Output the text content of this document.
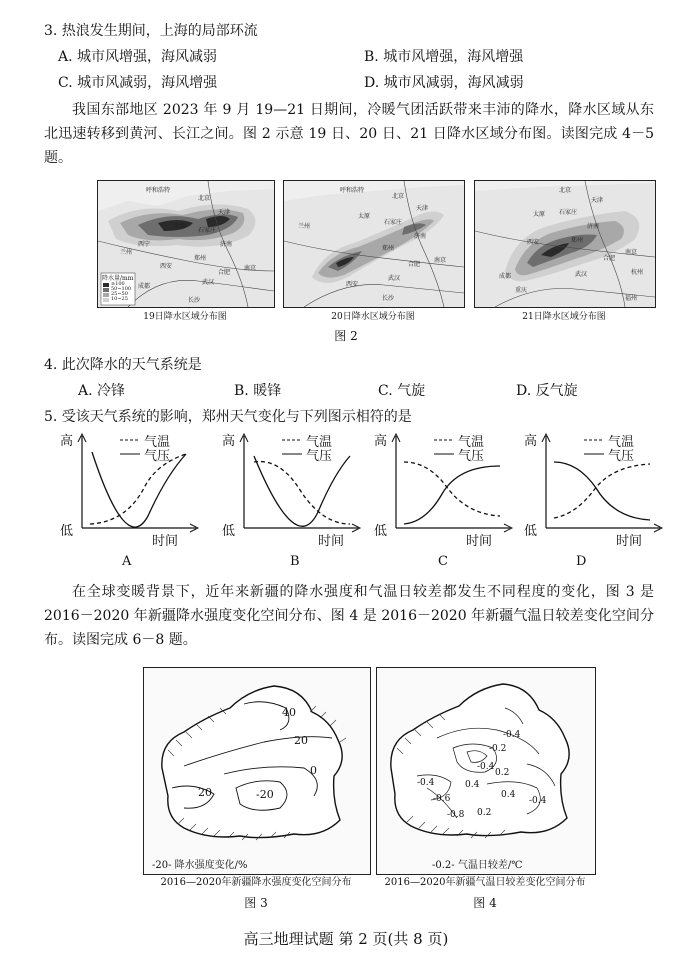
3. 热浪发生期间，上海的局部环流
A. 城市风增强，海风减弱	B. 城市风增强，海风增强
C. 城市风减弱，海风增强	D. 城市风减弱，海风减弱
我国东部地区 2023 年 9 月 19—21 日期间，冷暖气团活跃带来丰沛的降水，降水区域从东北迅速转移到黄河、长江之间。图 2 示意 19 日、20 日、21 日降水区域分布图。读图完成 4－5 题。
降水量/mm
≥100
50~100
25~50
10~25
呼和浩特
北京
天津
太原
石家庄
济南
郑州
西宁
兰州
西安
合肥
南京
武汉
长沙
成都
呼和浩特
北京
天津
太原
石家庄
济南
郑州
西安
兰州
合肥
南京
武汉
长沙
北京
天津
石家庄
太原
济南
郑州
西安
成都
重庆
武汉
合肥
南京
杭州
福州
19日降水区域分布图	20日降水区域分布图	21日降水区域分布图
图 2
4. 此次降水的天气系统是
A. 冷锋	B. 暖锋	C. 气旋	D. 反气旋
5. 受该天气系统的影响，郑州天气变化与下列图示相符的是
高
低
时间
气温
气压
A
高
低
时间
气温
气压
B
高
低
时间
气温
气压
C
高
低
时间
气温
气压
D
在全球变暖背景下，近年来新疆的降水强度和气温日较差都发生不同程度的变化，图 3 是 2016－2020 年新疆降水强度变化空间分布、图 4 是 2016－2020 年新疆气温日较差变化空间分布。读图完成 6－8 题。
40
20
0
20	-20
-20- 降水强度变化/%
2016—2020年新疆降水强度变化空间分布
图 3
-0.4
-0.2
-0.4
0.2
0.4
-0.4
-0.6
-0.8
0.4
0.2
-0.4
-0.2- 气温日较差/℃
2016—2020年新疆气温日较差变化空间分布
图 4
高三地理试题 第 2 页(共 8 页)
